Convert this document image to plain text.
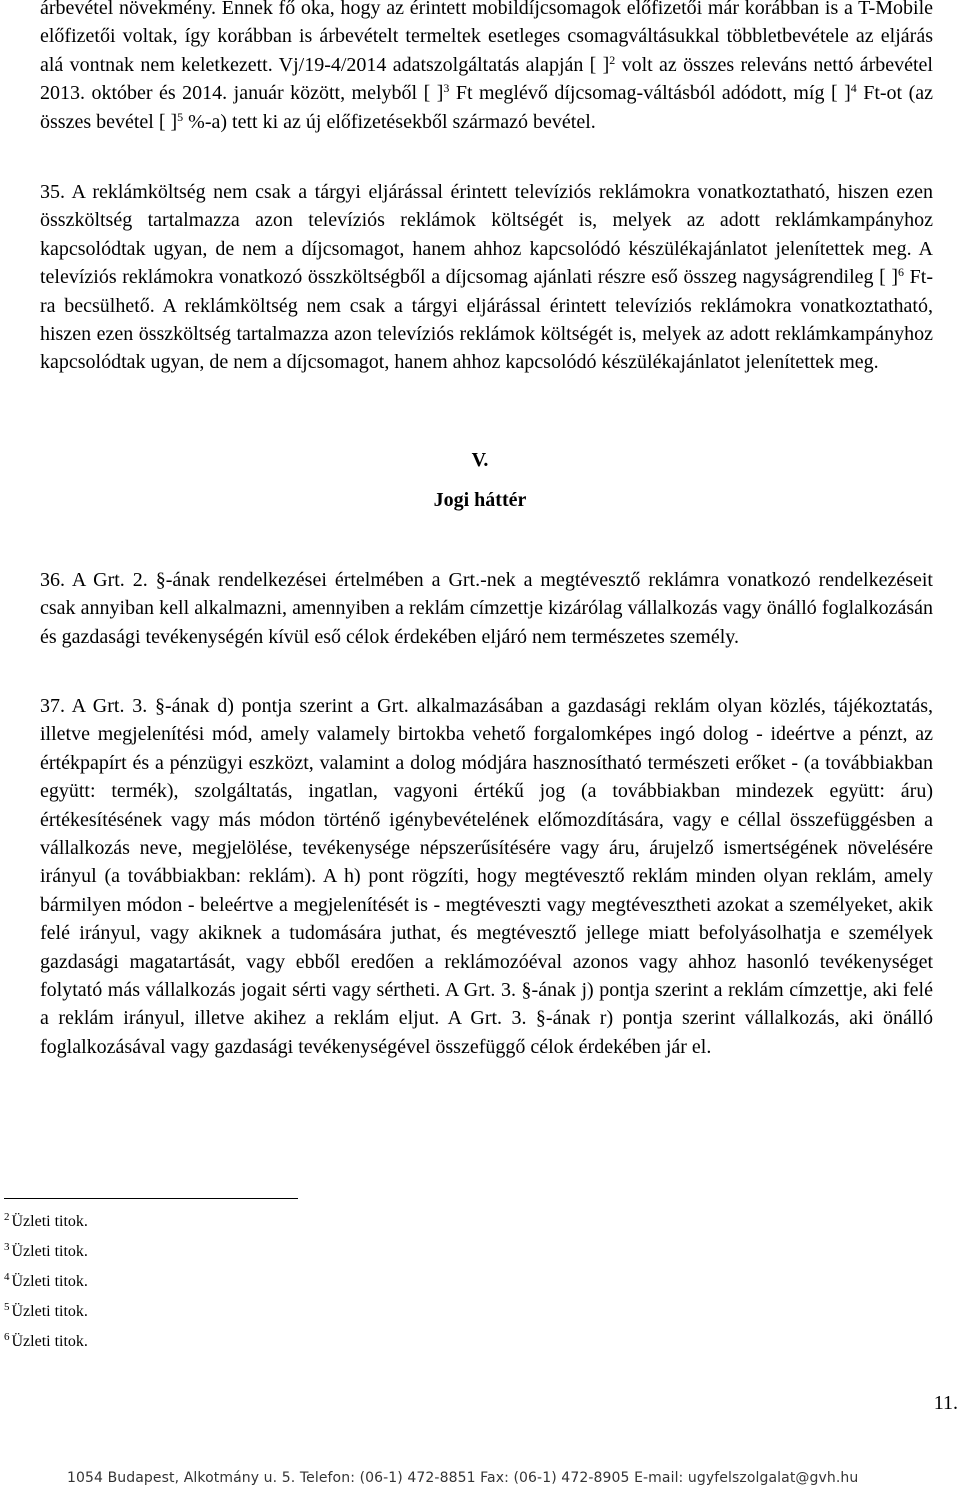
árbevétel növekmény. Ennek fő oka, hogy az érintett mobildíjcsomagok előfizetői már korábban is a T-Mobile előfizetői voltak, így korábban is árbevételt termeltek esetleges csomagváltásukkal többletbevétele az eljárás alá vontnak nem keletkezett. Vj/19-4/2014 adatszolgáltatás alapján [ ]$^2$ volt az összes releváns nettó árbevétel 2013. október és 2014. január között, melyből [ ]$^3$ Ft meglévő díjcsomag-váltásból adódott, míg [ ]$^4$ Ft-ot (az összes bevétel [ ]$^5$ %-a) tett ki az új előfizetésekből származó bevétel.

35. A reklámköltség nem csak a tárgyi eljárással érintett televíziós reklámokra vonatkoztatható, hiszen ezen összköltség tartalmazza azon televíziós reklámok költségét is, melyek az adott reklámkampányhoz kapcsolódtak ugyan, de nem a díjcsomagot, hanem ahhoz kapcsolódó készülékajánlatot jelenítettek meg. A televíziós reklámokra vonatkozó összköltségből a díjcsomag ajánlati részre eső összeg nagyságrendileg [ ]$^6$ Ft-ra becsülhető. A reklámköltség nem csak a tárgyi eljárással érintett televíziós reklámokra vonatkoztatható, hiszen ezen összköltség tartalmazza azon televíziós reklámok költségét is, melyek az adott reklámkampányhoz kapcsolódtak ugyan, de nem a díjcsomagot, hanem ahhoz kapcsolódó készülékajánlatot jelenítettek meg.

V.

Jogi háttér

36. A Grt. 2. §-ának rendelkezései értelmében a Grt.-nek a megtévesztő reklámra vonatkozó rendelkezéseit csak annyiban kell alkalmazni, amennyiben a reklám címzettje kizárólag vállalkozás vagy önálló foglalkozásán és gazdasági tevékenységén kívül eső célok érdekében eljáró nem természetes személy.

37. A Grt. 3. §-ának d) pontja szerint a Grt. alkalmazásában a gazdasági reklám olyan közlés, tájékoztatás, illetve megjelenítési mód, amely valamely birtokba vehető forgalomképes ingó dolog - ideértve a pénzt, az értékpapírt és a pénzügyi eszközt, valamint a dolog módjára hasznosítható természeti erőket - (a továbbiakban együtt: termék), szolgáltatás, ingatlan, vagyoni értékű jog (a továbbiakban mindezek együtt: áru) értékesítésének vagy más módon történő igénybevételének előmozdítására, vagy e céllal összefüggésben a vállalkozás neve, megjelölése, tevékenysége népszerűsítésére vagy áru, árujelző ismertségének növelésére irányul (a továbbiakban: reklám). A h) pont rögzíti, hogy megtévesztő reklám minden olyan reklám, amely bármilyen módon - beleértve a megjelenítését is - megtéveszti vagy megtévesztheti azokat a személyeket, akik felé irányul, vagy akiknek a tudomására juthat, és megtévesztő jellege miatt befolyásolhatja e személyek gazdasági magatartását, vagy ebből eredően a reklámozóéval azonos vagy ahhoz hasonló tevékenységet folytató más vállalkozás jogait sérti vagy sértheti. A Grt. 3. §-ának j) pontja szerint a reklám címzettje, aki felé a reklám irányul, illetve akihez a reklám eljut. A Grt. 3. §-ának r) pontja szerint vállalkozás, aki önálló foglalkozásával vagy gazdasági tevékenységével összefüggő célok érdekében jár el.

$^2$ Üzleti titok.

$^3$ Üzleti titok.

$^4$ Üzleti titok.

$^5$ Üzleti titok.

$^6$ Üzleti titok.

11.

1054 Budapest, Alkotmány u. 5. Telefon: (06-1) 472-8851 Fax: (06-1) 472-8905 E-mail: ugyfelszolgalat@gvh.hu
